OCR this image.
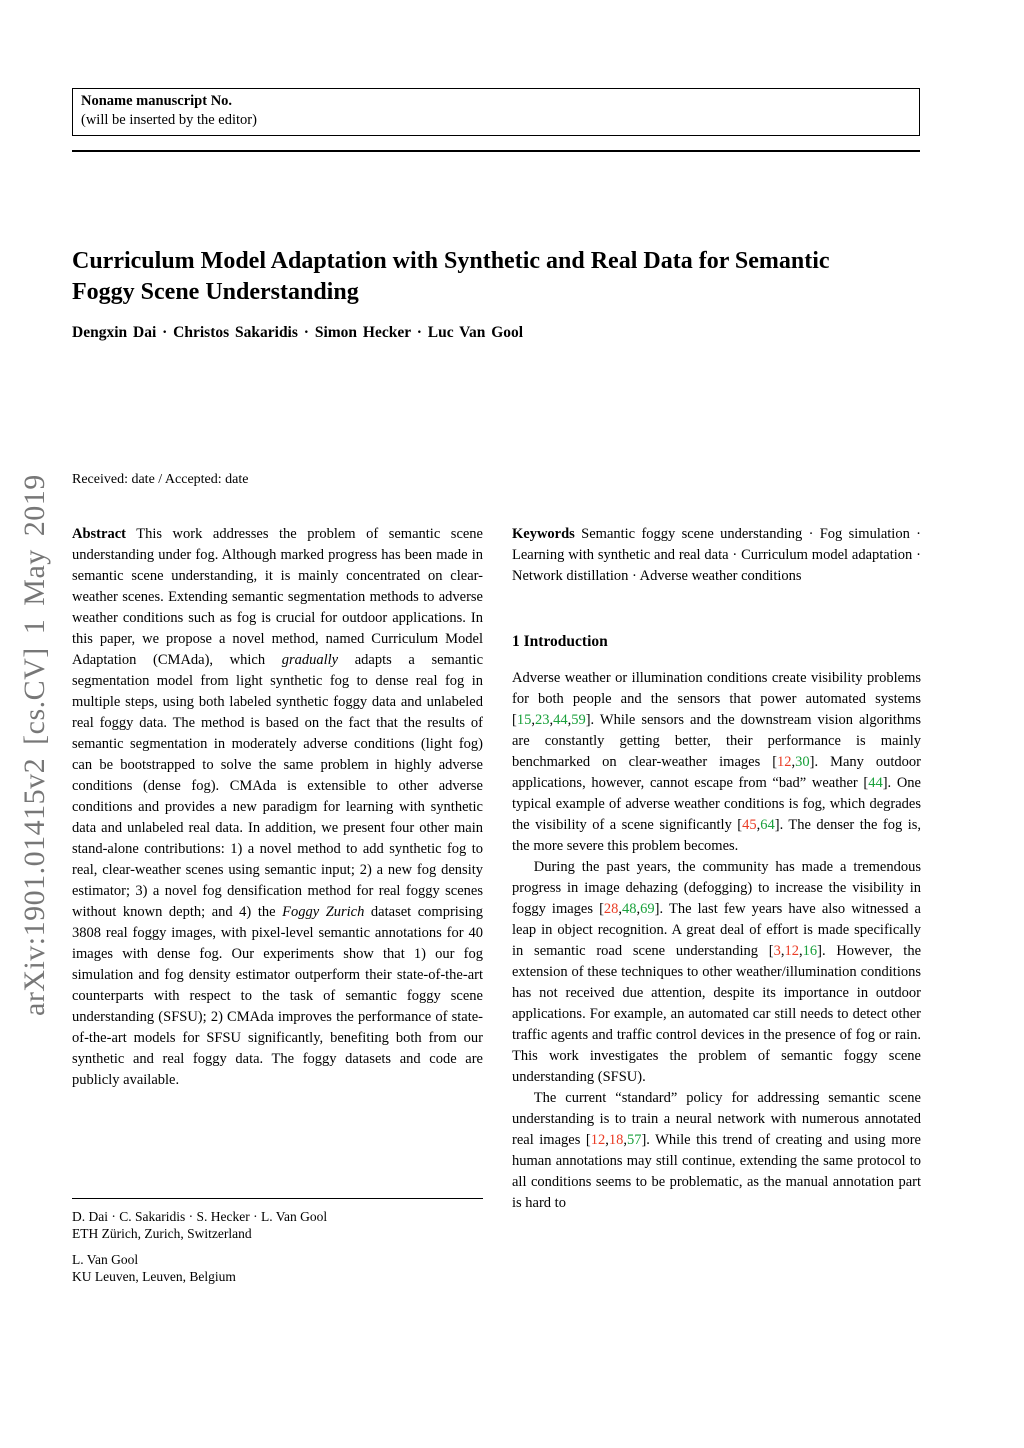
Noname manuscript No.
(will be inserted by the editor)
arXiv:1901.01415v2 [cs.CV] 1 May 2019
Curriculum Model Adaptation with Synthetic and Real Data for Semantic Foggy Scene Understanding
Dengxin Dai · Christos Sakaridis · Simon Hecker · Luc Van Gool
Received: date / Accepted: date

Abstract This work addresses the problem of semantic scene understanding under fog. Although marked progress has been made in semantic scene understanding, it is mainly concentrated on clear-weather scenes. Extending semantic segmentation methods to adverse weather conditions such as fog is crucial for outdoor applications. In this paper, we propose a novel method, named Curriculum Model Adaptation (CMAda), which gradually adapts a semantic segmentation model from light synthetic fog to dense real fog in multiple steps, using both labeled synthetic foggy data and unlabeled real foggy data. The method is based on the fact that the results of semantic segmentation in moderately adverse conditions (light fog) can be bootstrapped to solve the same problem in highly adverse conditions (dense fog). CMAda is extensible to other adverse conditions and provides a new paradigm for learning with synthetic data and unlabeled real data. In addition, we present four other main stand-alone contributions: 1) a novel method to add synthetic fog to real, clear-weather scenes using semantic input; 2) a new fog density estimator; 3) a novel fog densification method for real foggy scenes without known depth; and 4) the Foggy Zurich dataset comprising 3808 real foggy images, with pixel-level semantic annotations for 40 images with dense fog. Our experiments show that 1) our fog simulation and fog density estimator outperform their state-of-the-art counterparts with respect to the task of semantic foggy scene understanding (SFSU); 2) CMAda improves the performance of state-of-the-art models for SFSU significantly, benefiting both from our synthetic and real foggy data. The foggy datasets and code are publicly available.

Keywords Semantic foggy scene understanding · Fog simulation · Learning with synthetic and real data · Curriculum model adaptation · Network distillation · Adverse weather conditions

1 Introduction

Adverse weather or illumination conditions create visibility problems for both people and the sensors that power automated systems [15,23,44,59]. While sensors and the downstream vision algorithms are constantly getting better, their performance is mainly benchmarked on clear-weather images [12,30]. Many outdoor applications, however, cannot escape from “bad” weather [44]. One typical example of adverse weather conditions is fog, which degrades the visibility of a scene significantly [45,64]. The denser the fog is, the more severe this problem becomes.

During the past years, the community has made a tremendous progress in image dehazing (defogging) to increase the visibility in foggy images [28,48,69]. The last few years have also witnessed a leap in object recognition. A great deal of effort is made specifically in semantic road scene understanding [3,12,16]. However, the extension of these techniques to other weather/illumination conditions has not received due attention, despite its importance in outdoor applications. For example, an automated car still needs to detect other traffic agents and traffic control devices in the presence of fog or rain. This work investigates the problem of semantic foggy scene understanding (SFSU).

The current “standard” policy for addressing semantic scene understanding is to train a neural network with numerous annotated real images [12,18,57]. While this trend of creating and using more human annotations may still continue, extending the same protocol to all conditions seems to be problematic, as the manual annotation part is hard to

D. Dai · C. Sakaridis · S. Hecker · L. Van Gool
ETH Zürich, Zurich, Switzerland
L. Van Gool
KU Leuven, Leuven, Belgium
